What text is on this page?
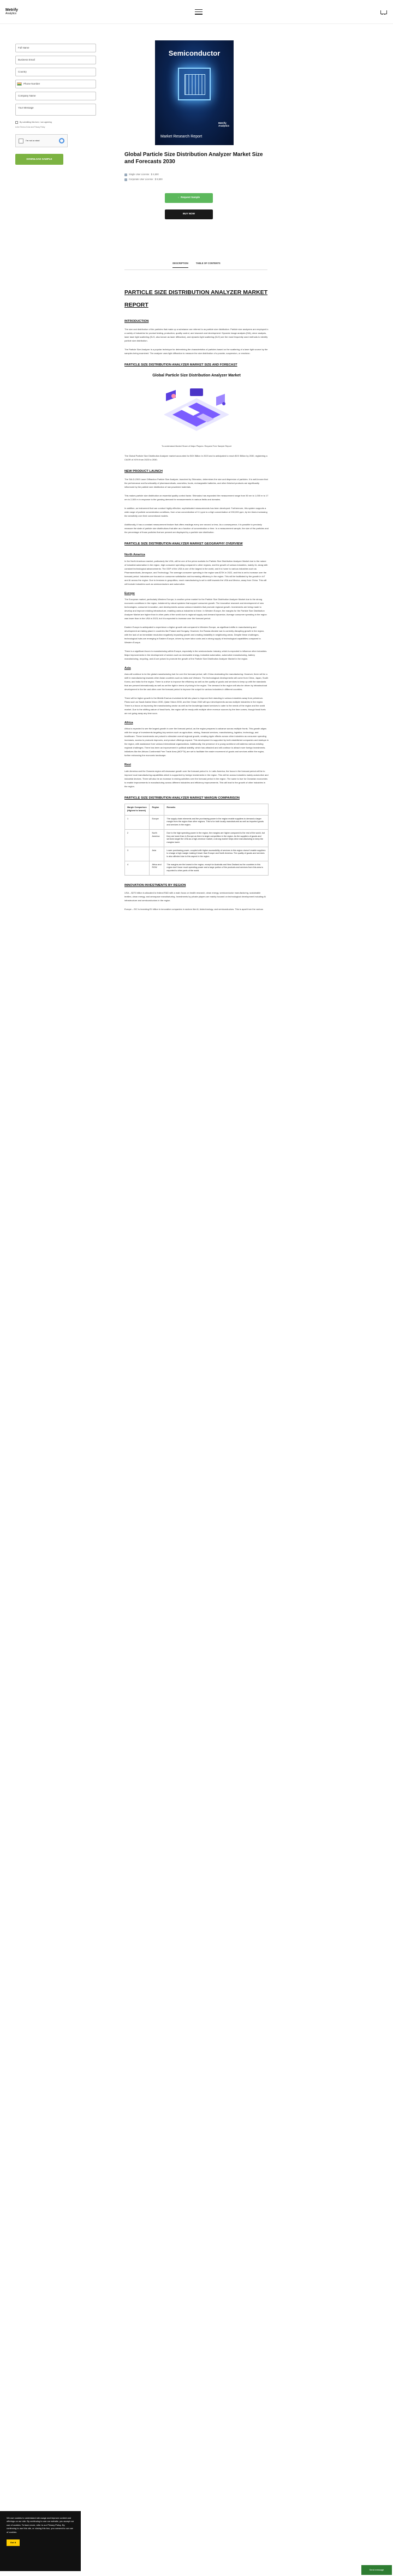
Metrify
Analytics
Full Name
Business Email
Country
Phone Number
Company Name
Your Message
By submitting this form, I am agreeing
to the Terms of Use and Privacy Policy
I'm not a robot
DOWNLOAD SAMPLE
Semiconductor
Metrify
Analytics
Market Research Report
Global Particle Size Distribution Analyzer Market Size and Forecasts 2030
Single User License : $ 4,500
Corporate User License : $ 8,500
↓ Request Sample
BUY NOW
DESCRIPTION	TABLE OF CONTENTS
PARTICLE SIZE DISTRIBUTION ANALYZER MARKET REPORT
INTRODUCTION

The size and distribution of the particles that make up a substance are referred to as particle size distribution. Particle size analyzers are employed in a variety of industries for product testing, production, quality control, and research and development. Dynamic image analysis (DIA), sieve analysis, laser laser light scattering (SLS, also known as laser diffraction), and dynamic light scattering (DLS) are the most frequently used methods to identify particle size distribution.

The Particle Size Analyzer is a popular technique for determining the characteristics of particles based on the scattering of a laser light source by the samples being examined. The analyzer uses light diffraction to measure the size distribution of a powder, suspension, or emulsion.

PARTICLE SIZE DISTRIBUTION ANALYZER MARKET SIZE AND FORECAST
Global Particle Size Distribution Analyzer Market
To understand Market Share of Major Players: Request Free Sample Report

The Global Particle Size Distribution Analyzer market accounted for $XX Billion in 2023 and is anticipated to reach $XX Billion by 2030, registering a CAGR of XX% from 2023 to 2030.

NEW PRODUCT LAUNCH

The SALD-2300 Laser Diffraction Particle Size Analyzer, launched by Shimadzu, determines the size and dispersion of particles. It is well-known that the performance and functionality of pharmaceuticals, cosmetics, foods, rechargeable batteries, and other finished products are significantly influenced by the particle size distribution of raw powdered materials.

This makes particle size distribution an essential quality control factor. Shimadzu has expanded the measurement range from 50 nm to 1,000 m to 17 nm to 2,500 m in response to the growing demand for measurements in various fields and domains.

In addition, an instrument that can conduct highly effective, sophisticated measurements has been developed. Furthermore, this system supports a wide range of particle concentration conditions, from a low concentration of 0.1 ppm to a high concentration of 200,000 ppm, by ten times increasing the sensitivity over their conventional models.

Additionally, it has a constant measurement feature that offers readings every one second or less. As a consequence, it is possible to precisely measure the state of particle size distributions that alter as a function of concentration or time. In a measurement sample, the size of the particles and the percentage of those particles that are present are displayed by a particle size distribution.

PARTICLE SIZE DISTRIBUTION ANALYZER MARKET GEOGRAPHY OVERVIEW
North America

In the North American market, particularly the USA, will be one of the prime markets for Particle Size Distribution Analyzer Market due to the nature of industrial automation in the region, high consumer spending compared to other regions, and the growth of various industries, mainly IA, along with constant technological advancements. The GDP of the USA is one of the largest in the world, and it is home to various industries such as Pharmaceuticals, Aerospace, and Technology. The average consumer spending in the region was $72K in 2022, and this is set to increase over the forecast period. Industries are focused on consumer satisfaction and increasing efficiency in the region. This will be facilitated by the growth in IoT and AI across the region. Due to tensions in geopolitics, much manufacturing is set to shift towards the USA and Mexico, away from China. This will will include industries such as semiconductors and automotive.

Europe

The European market, particularly Western Europe, is another prime market for the Particle Size Distribution Analyzer Market due to the strong economic conditions in the region, bolstered by robust systems that support consumer growth. The innovative research and development of new technologies, consumer innovation, and developments across various industries that promote regional growth. Investments are being made to develop and improve existing infrastructure, enabling various industries to thrive. In Western Europe, the margins for the Particle Size Distribution Analyzer Market are higher than in other parts of the world due to regional supply and demand dynamics. Average consumer spending in the region was lower than in the USA in 2023, but it is expected to increase over the forecast period.

Eastern Europe is anticipated to experience a higher growth rate compared to Western Europe, as significant shifts in manufacturing and development are taking place in countries like Poland and Hungary. However, the Russia-Ukraine war is currently disrupting growth in the region, with the lack of an immediate resolution negatively impacting growth and creating instability in neighboring areas. Despite these challenges, technological hubs are emerging in Eastern Europe, driven by lower labor costs and a strong supply of technological capabilities compared to Western Europe.

There is a significant boom in manufacturing within Europe, especially in the semiconductor industry, which is expected to influence other industries. Major improvements in the development of sectors such as renewable energy, industrial automation, automotive manufacturing, battery manufacturing, recycling, and AI are poised to promote the growth of the Particle Size Distribution Analyzer Market in the region.

Asia

Asia will continue to be the global manufacturing hub for over the forecast period, with China dominating the manufacturing. However, there will be a shift in manufacturing towards other Asian countries such as India and Vietnam. The technological developments will come from China, Japan, South Korea, and India for the region. There is a drive to improve the efficiency as well as the quality of goods and services to keep up with the standards that are present internationally as well as set the tight in terms of pricing in the region. The demand in the region will also be driven by infrastructural development in the tier and cities over the forecast period to improve the output for various industries in different countries.

There will be higher growth in the Middle East as investments fall into place to improve their standing in various industries away from petroleum. Plans such as Saudi Arabia Vision 2030, Qatar Vision 2030, and the Oman 2040 will spur developments across multiple industries in the region. There is a focus on improving the manufacturing sector as well as the knowledge-based services to cater to the needs of the region and the world market. Due to the shifting nature of fossil fuels, the region will be ready with multiple other revenue sources by the time comes, though fossil fuels are not going away any time soon.

Africa

Africa is expected to see the largest growth in over the forecast period, as the region prepares to advance across multiple fronts. This growth aligns with the surge of investments targeting key sectors such as agriculture, mining, financial services, manufacturing, logistics, technology, and healthcare. These investments are poised to stimulate overall regional growth, creating ripple effects across other industries as consumer spending increases, access to products improves, and product offerings expand. This development is supported by both established companies and startups in the region, with assistance from various international organizations. Additionally, the presence of a young workforce will address various existing regional challenges. There has been an improvement in political stability, which has attracted and will continue to attract more foreign investments. Initiatives like the African Continental Free Trade Area (AfCFTA) are set to facilitate the easier movement of goods and services within the region, further enhancing the economic landscape.

Rest

Latin America and the Oceania region will showcase growth over the forecast period in. In Latin America, the focus in the forecast period will be to improve local manufacturing capabilities which is supported by foreign investments in the region. This will be across industries mainly automotive and industrial devices. There will also be an increase in mining activities over the forecast period in the region. The same is true for Oceanian economies to enable improvements in manufacturing across different industries and efficiency improvements. This will lead to the growth of other industries in the region.

PARTICLE SIZE DISTRIBUTION ANALYZER MARKET MARGIN COMPARISON
Margin Comparison (Highest to lowest)	Region	Remarks
1	Europe	The supply chain elements and the purchasing power in the region enable suppliers to demand a larger margin from the region than other regions. This is for both locally manufactured as well as imported goods and services in the region.
2	North America	Due to the high spending power in the region, the margins are higher compared to the rest of the world, but they are lower than in Europe as there is larger competition in the region. As the suppliers of goods and services target the USA as a high-revenue market, a strong market helps drive manufacturing to keep the margins lower.
3	Asia	Lower purchasing power, coupled with higher accessibility of services in this region doesn't enable suppliers to charge a high margin making it lower than Europe and North America. The quality of goods and services is also affected due to this aspect in the region.
4	Africa and ROW	The margins are the lowest in the region, except for Australia and New Zealand as the countries in this region don't have much spending power and a large portion of the products and services from this area is exported to other parts of the world.
INNOVATION INVESTMENTS BY REGION

USA – $270 billion is allocated to federal R&D with a main focus on health research, clean energy, semiconductor manufacturing, sustainable textiles, clean energy, and aerospace manufacturing. Investments by private players are mainly focused on technological development including AI infrastructure and semiconductors in the region.

Europe – EIC is investing €1 billion in innovative companies in sectors like AI, biotechnology, and semiconductors. This is apart from the various

We use cookies to understand site usage and improve content and offerings on our site. By continuing to use our website, you accept our use of cookies. To learn more, refer to our Privacy Policy. By continuing to use this site, or closing this box, you consent to our use of cookies.
Got it
Send message
